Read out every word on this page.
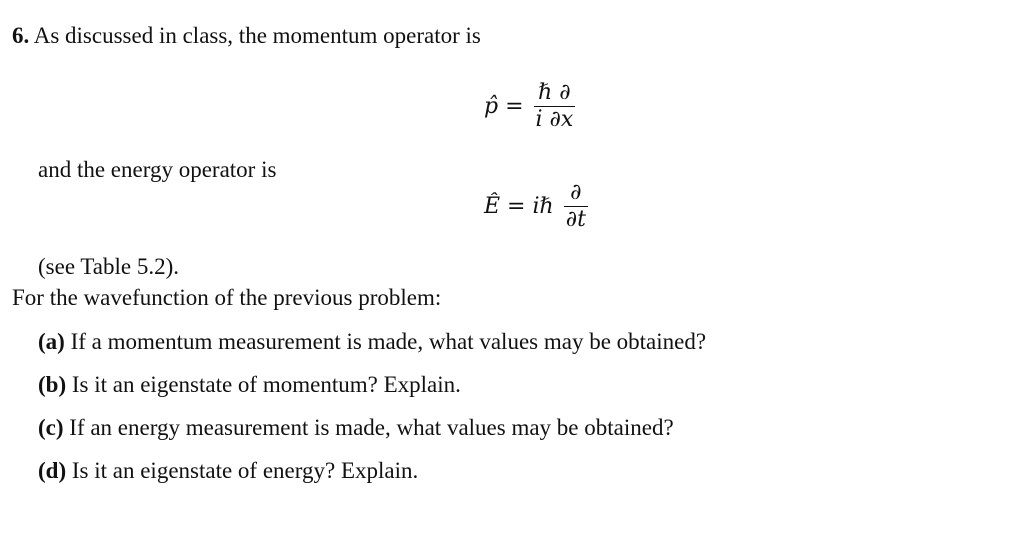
6. As discussed in class, the momentum operator is
p̂ = $\frac{\text{ℏ ∂}}{i \partial x}$
and the energy operator is
Ê = iℏ $\frac{\partial}{\partial t}$
(see Table 5.2).
For the wavefunction of the previous problem:
(a) If a momentum measurement is made, what values may be obtained?
(b) Is it an eigenstate of momentum? Explain.
(c) If an energy measurement is made, what values may be obtained?
(d) Is it an eigenstate of energy? Explain.
